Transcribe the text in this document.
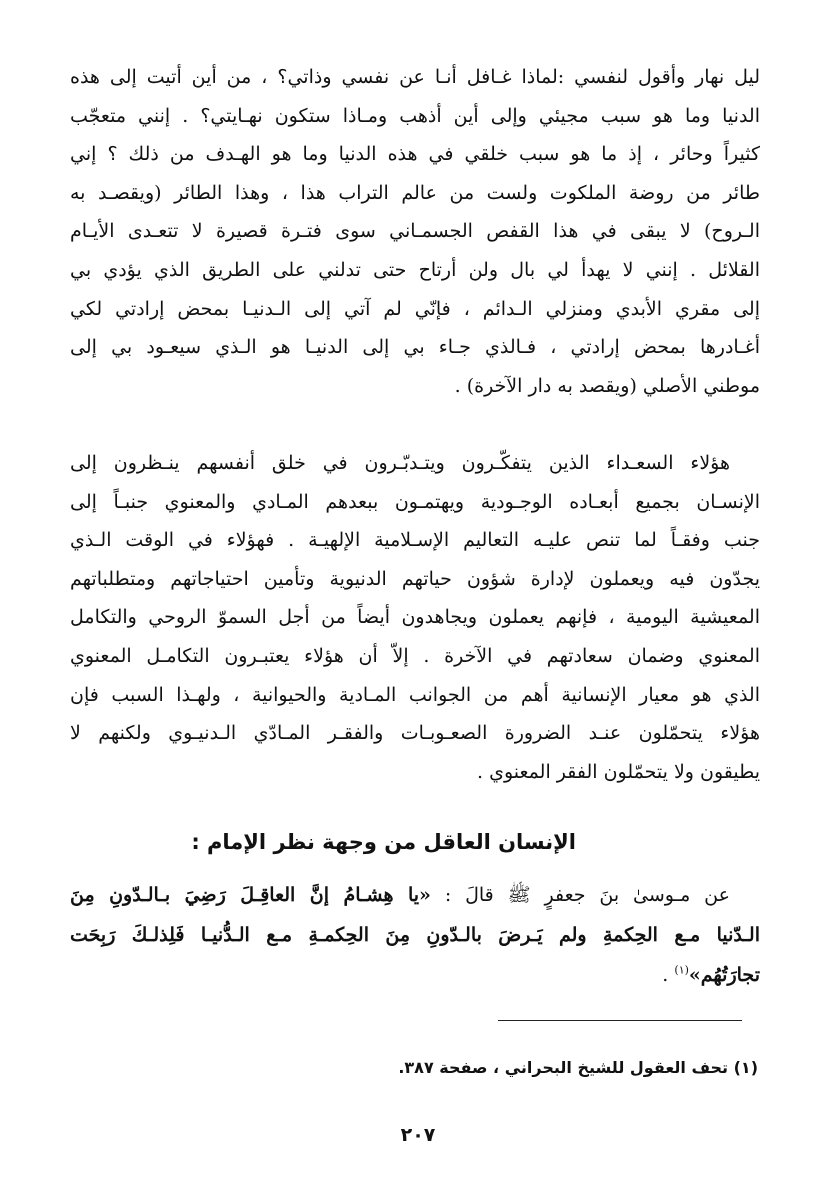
ليل نهار وأقول لنفسي :لماذا غـافل أنـا عن نفسي وذاتي؟ ، من أين أتيت إلى هذه
الدنيا وما هو سبب مجيئي وإلى أين أذهب ومـاذا ستكون نهـايتي؟ . إنني متعجّب
كثيراً وحائر ، إذ ما هو سبب خلقي في هذه الدنيا وما هو الهـدف من ذلك ؟ إني
طائر من روضة الملكوت ولست من عالم التراب هذا ، وهذا الطائر (ويقصـد به
الـروح) لا يبقى في هذا القفص الجسمـاني سوى فتـرة قصيرة لا تتعـدى الأيـام
القلائل . إنني لا يهدأ لي بال ولن أرتاح حتى تدلني على الطريق الذي يؤدي بي
إلى مقري الأبدي ومنزلي الـدائم ، فإنّي لم آتي إلى الـدنيـا بمحض إرادتي لكي
أغـادرها بمحض إرادتي ، فـالذي جـاء بي إلى الدنيـا هو الـذي سيعـود بي إلى
موطني الأصلي (ويقصد به دار الآخرة) .
هؤلاء السعـداء الذين يتفكّـرون ويتـدبّـرون في خلق أنفسهم ينـظرون إلى
الإنسـان بجميع أبعـاده الوجـودية ويهتمـون ببعدهم المـادي والمعنوي جنبـاً إلى
جنب وفقـاً لما تنص عليـه التعاليم الإسـلامية الإلهيـة . فهؤلاء في الوقت الـذي
يجدّون فيه ويعملون لإدارة شؤون حياتهم الدنيوية وتأمين احتياجاتهم ومتطلباتهم
المعيشية اليومية ، فإنهم يعملون ويجاهدون أيضاً من أجل السموّ الروحي والتكامل
المعنوي وضمان سعادتهم في الآخرة . إلاّ أن هؤلاء يعتبـرون التكامـل المعنوي
الذي هو معيار الإنسانية أهم من الجوانب المـادية والحيوانية ، ولهـذا السبب فإن
هؤلاء يتحمّلون عنـد الضرورة الصعـوبـات والفقـر المـادّي الـدنيـوي ولكنهم لا
يطيقون ولا يتحمّلون الفقر المعنوي .
الإنسان العاقل من وجهة نظر الإمام :
عن مـوسىٰ بنَ جعفرٍ ﷺ قالَ : «يا هِشـامُ إنَّ العاقِـلَ رَضِيَ بـالـدّونِ مِنَ
الـدّنيا مـع الحِكمةِ ولم يَـرضَ بالـدّونِ مِنَ الحِكمـةِ مـع الـدُّنيـا فَلِذلـكَ رَبِحَت
تجارَتُهُم»$^{(١)}$ .
(١) تحف العقول للشيخ البحراني ، صفحة ٣٨٧.
٢٠٧
